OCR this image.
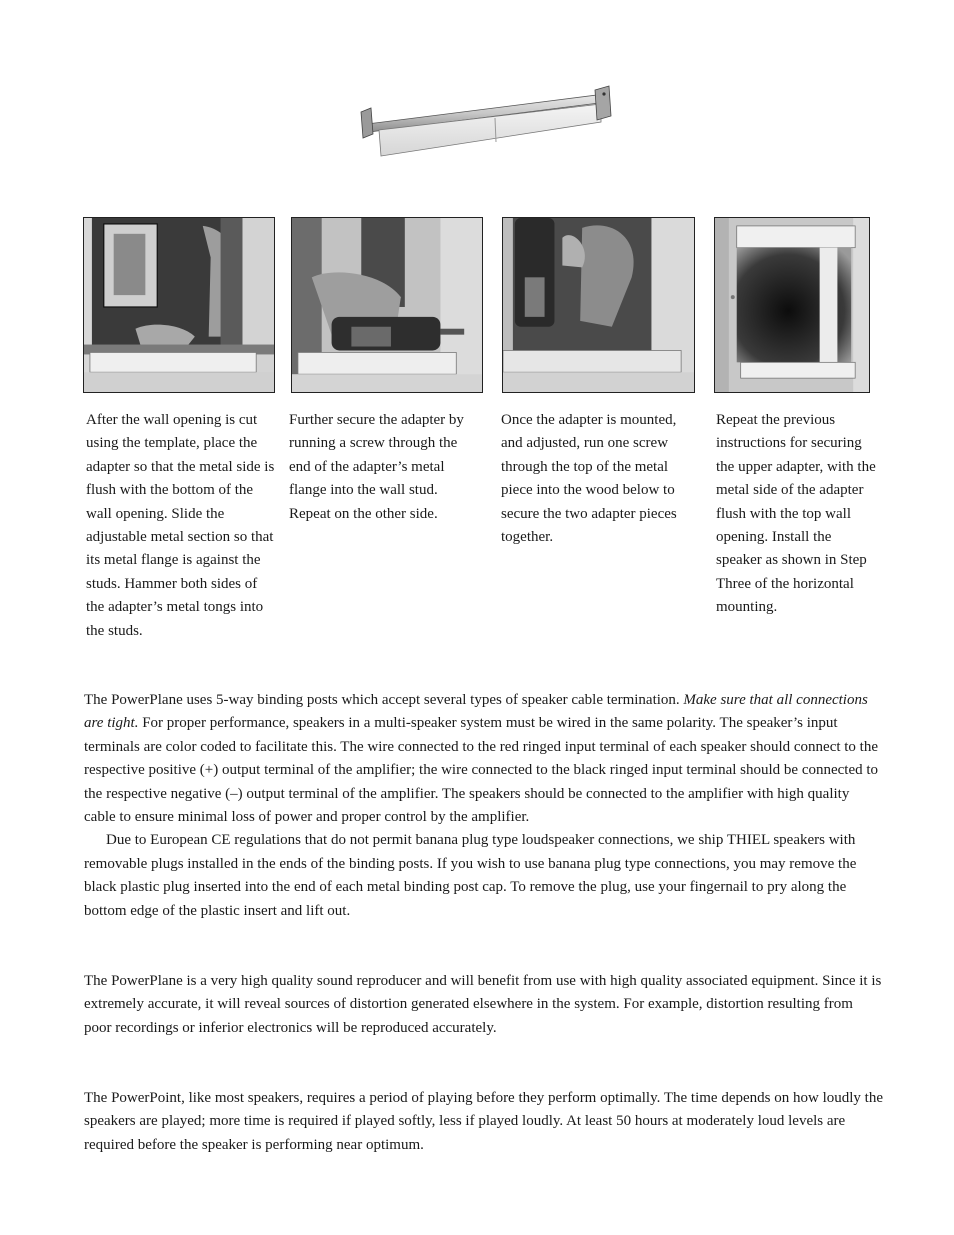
After the wall opening is cut using the template, place the adapter so that the metal side is flush with the bottom of the wall opening. Slide the adjustable metal section so that its metal flange is against the studs. Hammer both sides of the adapter’s metal tongs into the studs.
Further secure the adapter by running a screw through the end of the adapter’s metal flange into the wall stud. Repeat on the other side.
Once the adapter is mounted, and adjusted, run one screw through the top of the metal piece into the wood below to secure the two adapter pieces together.
Repeat the previous instructions for securing the upper adapter, with the metal side of the adapter flush with the top wall opening. Install the speaker as shown in Step Three of the horizontal mounting.

The PowerPlane uses 5-way binding posts which accept several types of speaker cable termination. Make sure that all connections are tight. For proper performance, speakers in a multi-speaker system must be wired in the same polarity. The speaker’s input terminals are color coded to facilitate this. The wire connected to the red ringed input terminal of each speaker should connect to the respective positive (+) output terminal of the amplifier; the wire connected to the black ringed input terminal should be connected to the respective negative (–) output terminal of the amplifier. The speakers should be connected to the amplifier with high quality cable to ensure minimal loss of power and proper control by the amplifier.

Due to European CE regulations that do not permit banana plug type loudspeaker connections, we ship THIEL speakers with removable plugs installed in the ends of the binding posts. If you wish to use banana plug type connections, you may remove the black plastic plug inserted into the end of each metal binding post cap. To remove the plug, use your fingernail to pry along the bottom edge of the plastic insert and lift out.

The PowerPlane is a very high quality sound reproducer and will benefit from use with high quality associated equipment. Since it is extremely accurate, it will reveal sources of distortion generated elsewhere in the system. For example, distortion resulting from poor recordings or inferior electronics will be reproduced accurately.
The PowerPoint, like most speakers, requires a period of playing before they perform optimally. The time depends on how loudly the speakers are played; more time is required if played softly, less if played loudly. At least 50 hours at moderately loud levels are required before the speaker is performing near optimum.
